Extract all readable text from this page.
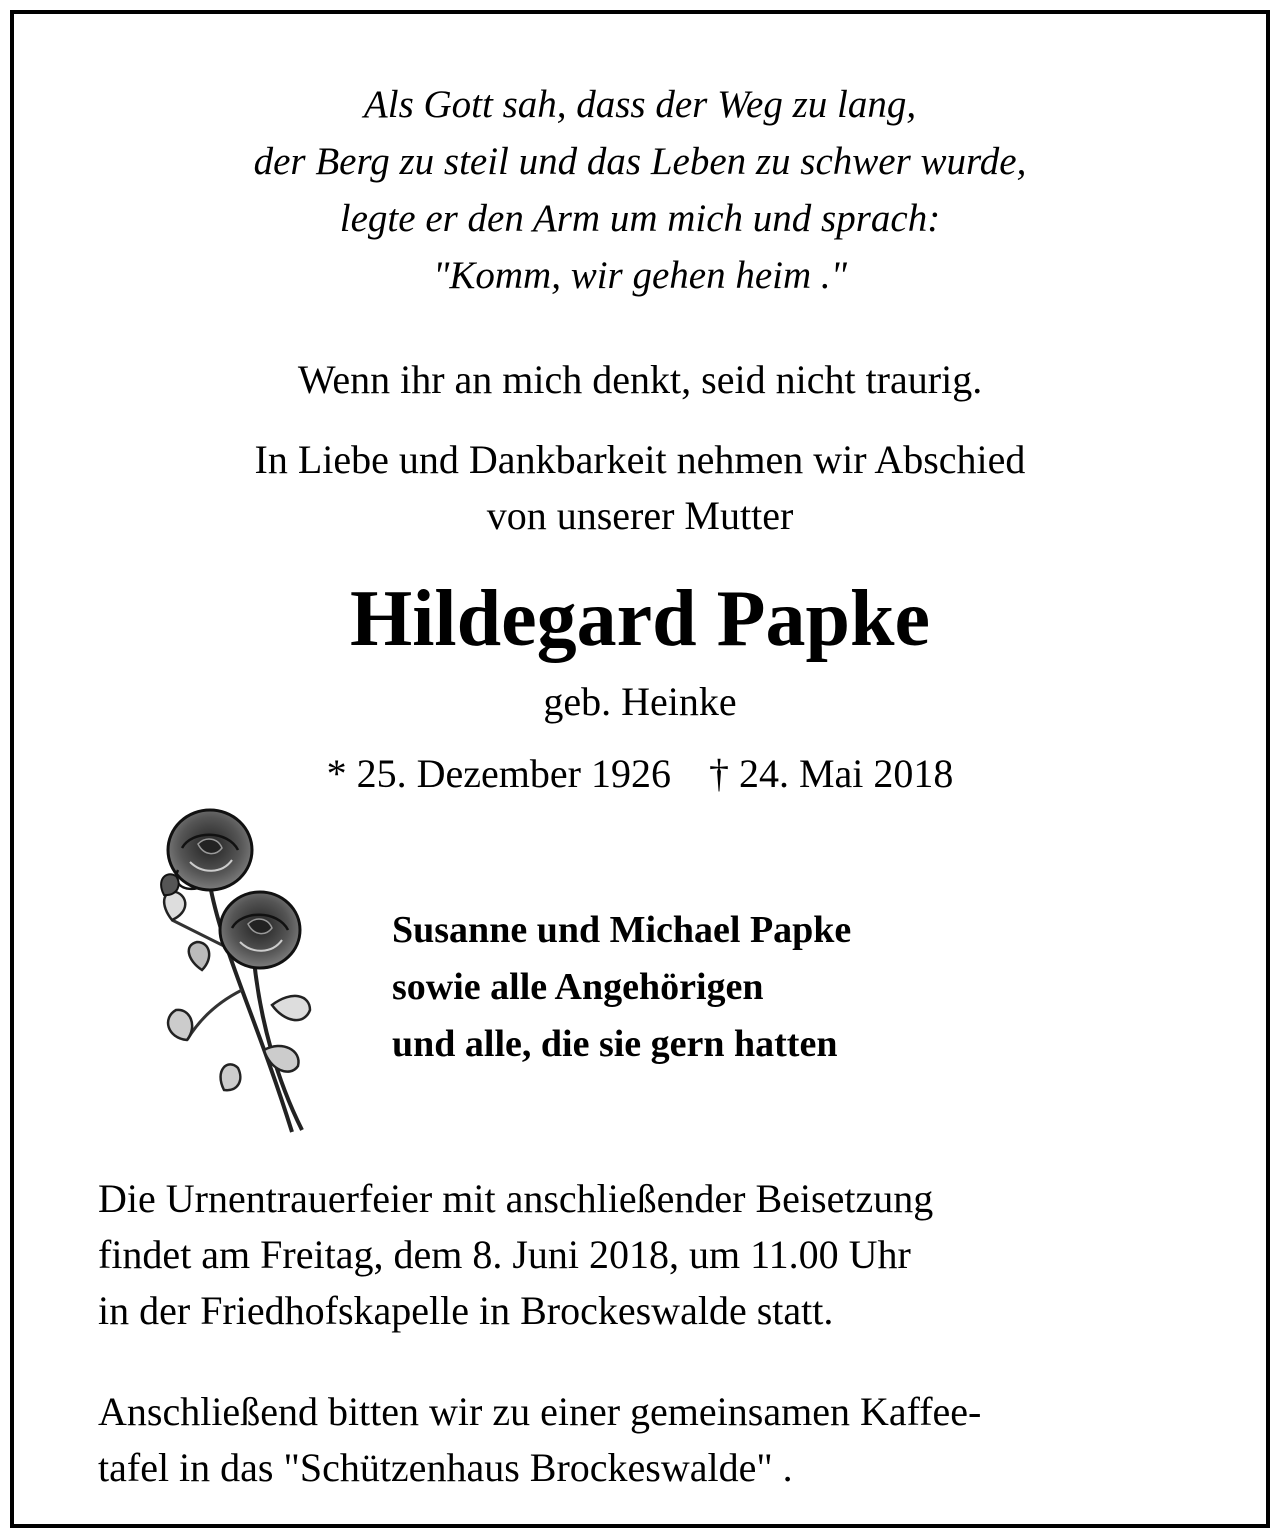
Als Gott sah, dass der Weg zu lang,
der Berg zu steil und das Leben zu schwer wurde,
legte er den Arm um mich und sprach:
"Komm, wir gehen heim ."
Wenn ihr an mich denkt, seid nicht traurig.
In Liebe und Dankbarkeit nehmen wir Abschied
von unserer Mutter
Hildegard Papke
geb. Heinke
* 25. Dezember 1926 † 24. Mai 2018
Susanne und Michael Papke
sowie alle Angehörigen
und alle, die sie gern hatten
Die Urnentrauerfeier mit anschließender Beisetzung
findet am Freitag, dem 8. Juni 2018, um 11.00 Uhr
in der Friedhofskapelle in Brockeswalde statt.
Anschließend bitten wir zu einer gemeinsamen Kaffee-
tafel in das "Schützenhaus Brockeswalde" .
